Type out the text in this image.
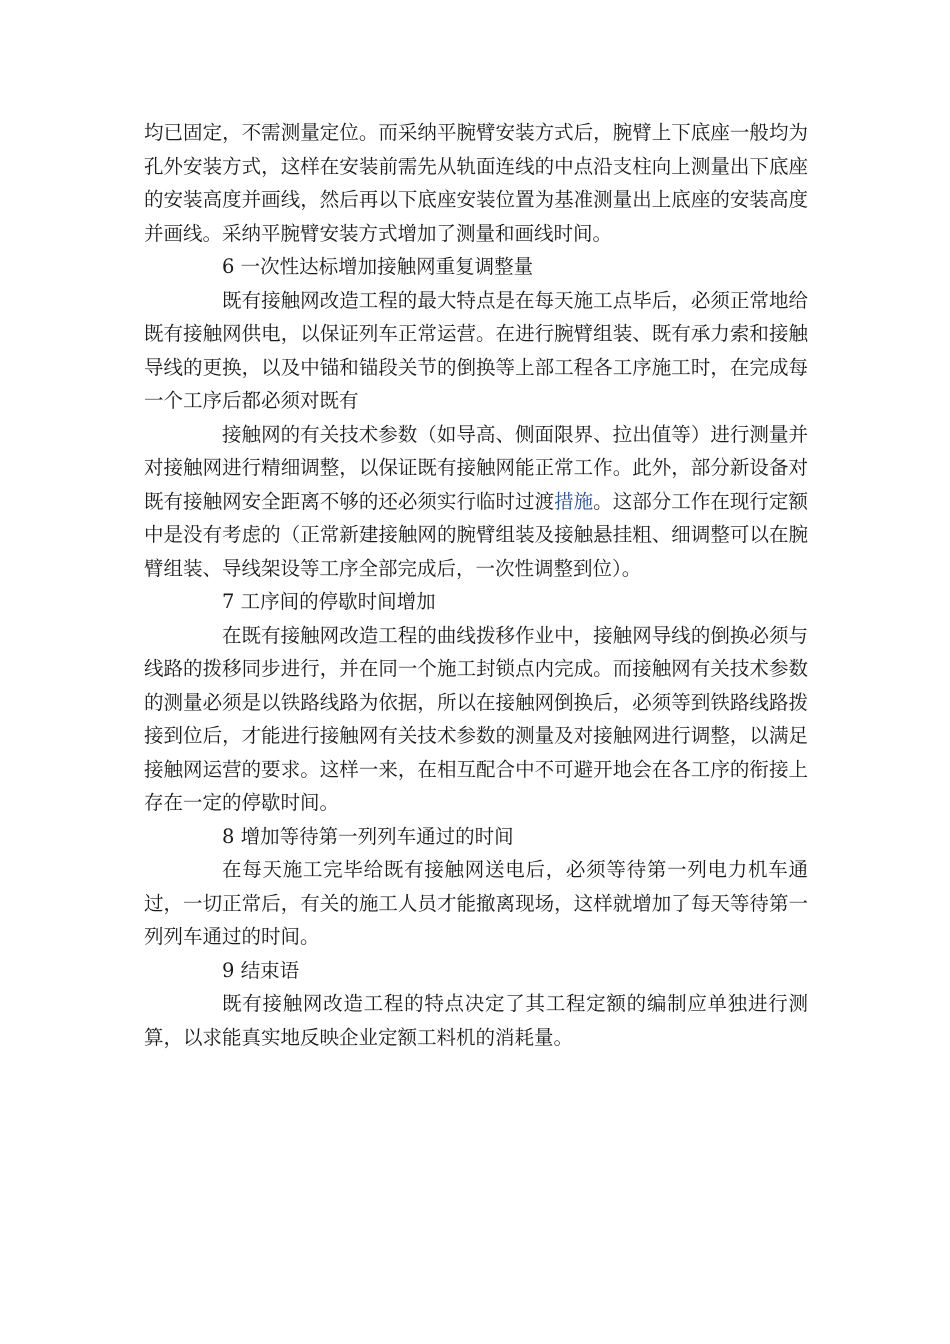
均已固定，不需测量定位。而采纳平腕臂安装方式后，腕臂上下底座一般均为孔外安装方式，这样在安装前需先从轨面连线的中点沿支柱向上测量出下底座的安装高度并画线，然后再以下底座安装位置为基准测量出上底座的安装高度并画线。采纳平腕臂安装方式增加了测量和画线时间。

6 一次性达标增加接触网重复调整量

既有接触网改造工程的最大特点是在每天施工点毕后，必须正常地给既有接触网供电，以保证列车正常运营。在进行腕臂组装、既有承力索和接触导线的更换，以及中锚和锚段关节的倒换等上部工程各工序施工时，在完成每一个工序后都必须对既有

接触网的有关技术参数（如导高、侧面限界、拉出值等）进行测量并对接触网进行精细调整，以保证既有接触网能正常工作。此外，部分新设备对既有接触网安全距离不够的还必须实行临时过渡措施。这部分工作在现行定额中是没有考虑的（正常新建接触网的腕臂组装及接触悬挂粗、细调整可以在腕臂组装、导线架设等工序全部完成后，一次性调整到位）。

7 工序间的停歇时间增加

在既有接触网改造工程的曲线拨移作业中，接触网导线的倒换必须与线路的拨移同步进行，并在同一个施工封锁点内完成。而接触网有关技术参数的测量必须是以铁路线路为依据，所以在接触网倒换后，必须等到铁路线路拨接到位后，才能进行接触网有关技术参数的测量及对接触网进行调整，以满足接触网运营的要求。这样一来，在相互配合中不可避开地会在各工序的衔接上存在一定的停歇时间。

8 增加等待第一列列车通过的时间

在每天施工完毕给既有接触网送电后，必须等待第一列电力机车通过，一切正常后，有关的施工人员才能撤离现场，这样就增加了每天等待第一列列车通过的时间。

9 结束语

既有接触网改造工程的特点决定了其工程定额的编制应单独进行测算，以求能真实地反映企业定额工料机的消耗量。
